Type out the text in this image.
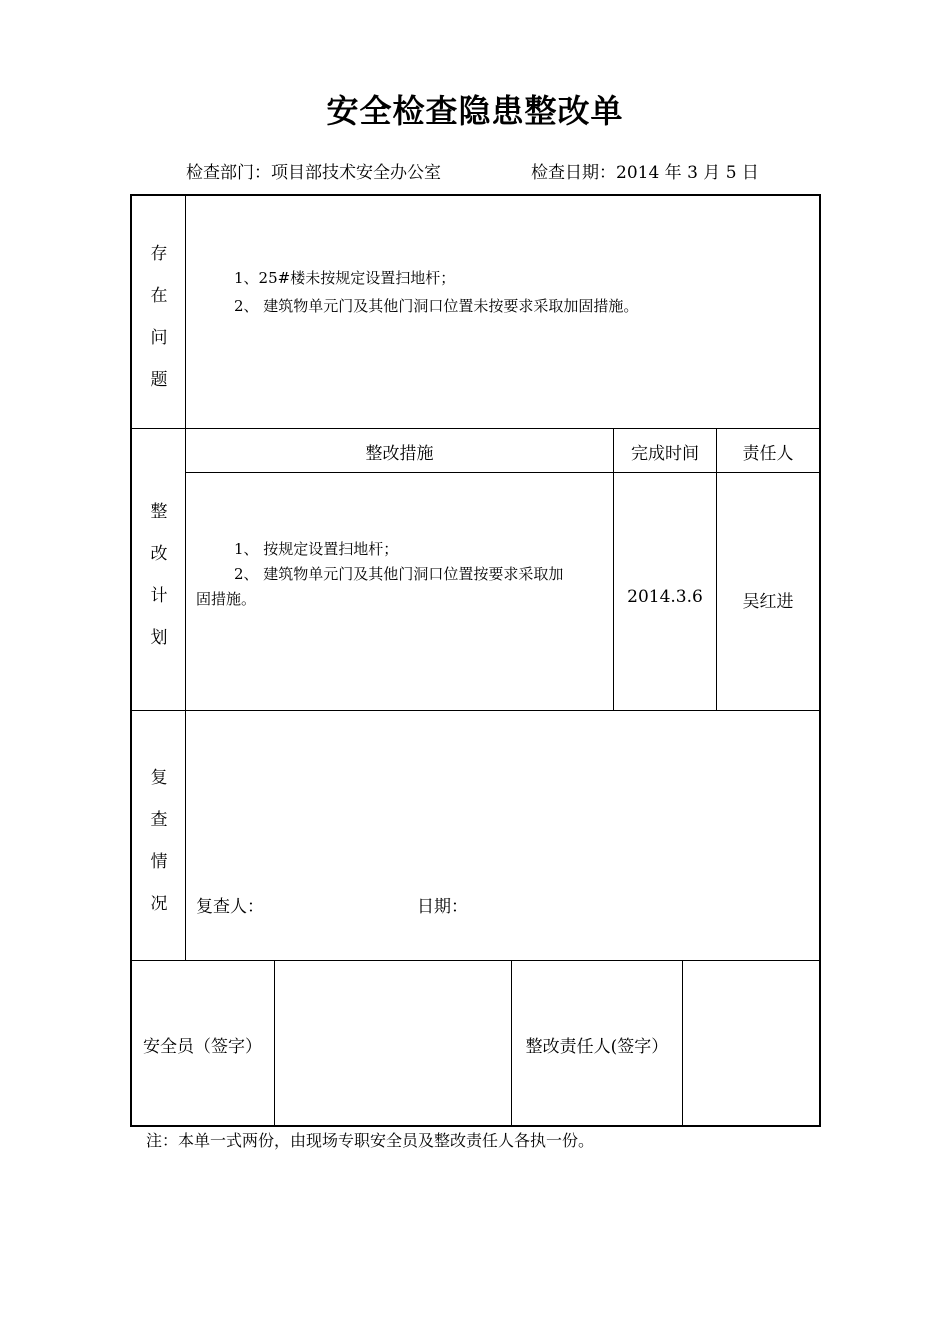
安全检查隐患整改单
检查部门：项目部技术安全办公室	检查日期：2014 年 3 月 5 日
存
在
问
题
1、25#楼未按规定设置扫地杆；
2、 建筑物单元门及其他门洞口位置未按要求采取加固措施。
整
改
计
划
整改措施	完成时间	责任人
1、 按规定设置扫地杆；
2、 建筑物单元门及其他门洞口位置按要求采取加
固措施。	2014.3.6	吴红进
复
查
情
况	复查人：	日期：
安全员（签字）	整改责任人(签字）
注：本单一式两份，由现场专职安全员及整改责任人各执一份。
